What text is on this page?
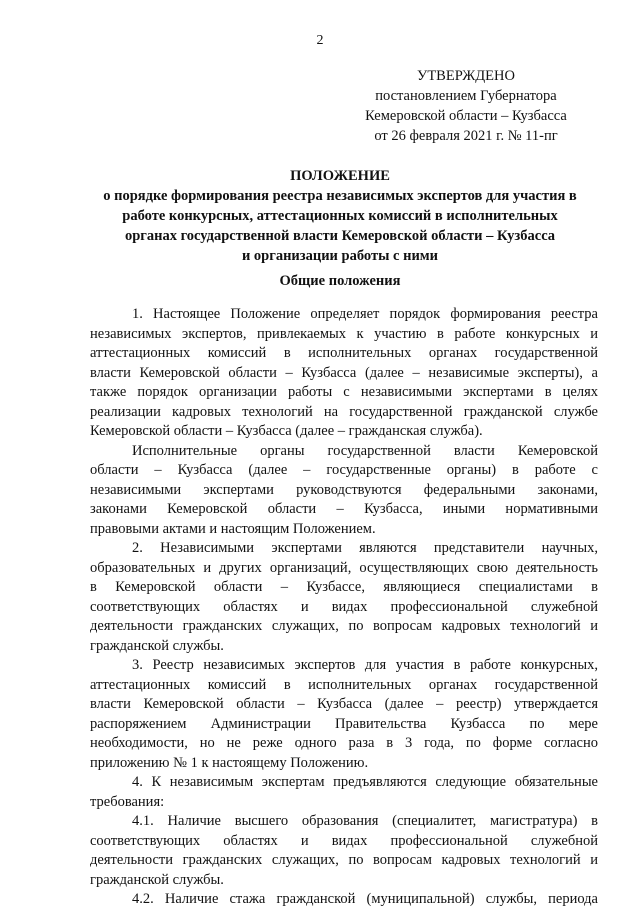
2
УТВЕРЖДЕНО
постановлением Губернатора
Кемеровской области – Кузбасса
от 26 февраля 2021 г. № 11-пг
ПОЛОЖЕНИЕ
о порядке формирования реестра независимых экспертов для участия в
работе конкурсных, аттестационных комиссий в исполнительных
органах государственной власти Кемеровской области – Кузбасса
и организации работы с ними
Общие положения
1. Настоящее Положение определяет порядок формирования реестра
независимых экспертов, привлекаемых к участию в работе конкурсных и
аттестационных комиссий в исполнительных органах государственной
власти Кемеровской области – Кузбасса (далее – независимые эксперты), а
также порядок организации работы с независимыми экспертами в целях
реализации кадровых технологий на государственной гражданской службе
Кемеровской области – Кузбасса (далее – гражданская служба).
Исполнительные органы государственной власти Кемеровской
области – Кузбасса (далее – государственные органы) в работе с
независимыми экспертами руководствуются федеральными законами,
законами Кемеровской области – Кузбасса, иными нормативными
правовыми актами и настоящим Положением.
2. Независимыми экспертами являются представители научных,
образовательных и других организаций, осуществляющих свою деятельность
в Кемеровской области – Кузбассе, являющиеся специалистами в
соответствующих областях и видах профессиональной служебной
деятельности гражданских служащих, по вопросам кадровых технологий и
гражданской службы.
3. Реестр независимых экспертов для участия в работе конкурсных,
аттестационных комиссий в исполнительных органах государственной
власти Кемеровской области – Кузбасса (далее – реестр) утверждается
распоряжением Администрации Правительства Кузбасса по мере
необходимости, но не реже одного раза в 3 года, по форме согласно
приложению № 1 к настоящему Положению.
4. К независимым экспертам предъявляются следующие обязательные
требования:
4.1. Наличие высшего образования (специалитет, магистратура) в
соответствующих областях и видах профессиональной служебной
деятельности гражданских служащих, по вопросам кадровых технологий и
гражданской службы.
4.2. Наличие стажа гражданской (муниципальной) службы, периода
